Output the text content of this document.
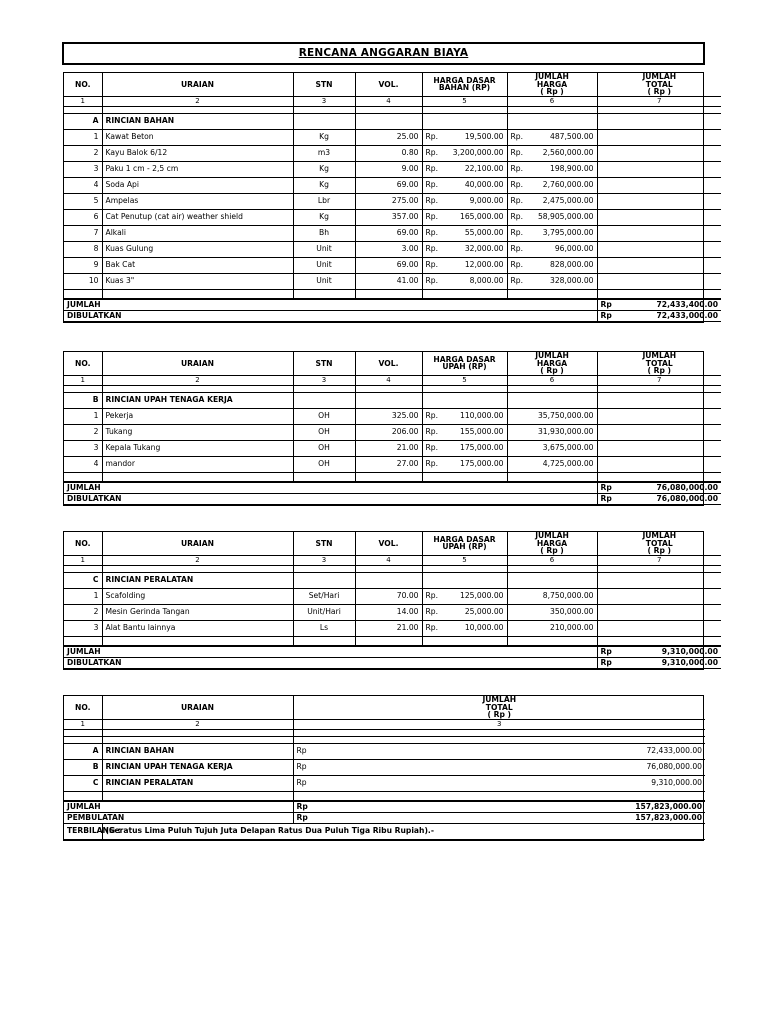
RENCANA ANGGARAN BIAYA
NO.	URAIAN	STN	VOL.	HARGA DASAR
BAHAN (RP)	JUMLAH
HARGA
( Rp )	JUMLAH
TOTAL
( Rp )
1	2	3	4	5	6	7

A	RINCIAN BAHAN					
1	Kawat Beton	Kg	25.00	Rp. 19,500.00	Rp. 487,500.00	

2	Kayu Balok 6/12	m3	0.80	Rp. 3,200,000.00	Rp. 2,560,000.00	

3	Paku 1 cm - 2,5 cm	Kg	9.00	Rp. 22,100.00	Rp. 198,900.00	

4	Soda Api	Kg	69.00	Rp. 40,000.00	Rp. 2,760,000.00	

5	Ampelas	Lbr	275.00	Rp. 9,000.00	Rp. 2,475,000.00	

6	Cat Penutup (cat air) weather shield	Kg	357.00	Rp. 165,000.00	Rp. 58,905,000.00	

7	Alkali	Bh	69.00	Rp. 55,000.00	Rp. 3,795,000.00	

8	Kuas Gulung	Unit	3.00	Rp. 32,000.00	Rp. 96,000.00	

9	Bak Cat	Unit	69.00	Rp. 12,000.00	Rp. 828,000.00	

10	Kuas 3"	Unit	41.00	Rp. 8,000.00	Rp. 328,000.00	

JUMLAH						Rp 72,433,400.00

DIBULATKAN						Rp 72,433,000.00
NO.	URAIAN	STN	VOL.	HARGA DASAR
UPAH (RP)	JUMLAH
HARGA
( Rp )	JUMLAH
TOTAL
( Rp )
1	2	3	4	5	6	7

B	RINCIAN UPAH TENAGA KERJA					
1	Pekerja	OH	325.00	Rp. 110,000.00	35,750,000.00	

2	Tukang	OH	206.00	Rp. 155,000.00	31,930,000.00	

3	Kepala Tukang	OH	21.00	Rp. 175,000.00	3,675,000.00	

4	mandor	OH	27.00	Rp. 175,000.00	4,725,000.00	

JUMLAH						Rp 76,080,000.00

DIBULATKAN						Rp 76,080,000.00
NO.	URAIAN	STN	VOL.	HARGA DASAR
UPAH (RP)	JUMLAH
HARGA
( Rp )	JUMLAH
TOTAL
( Rp )
1	2	3	4	5	6	7

C	RINCIAN PERALATAN					
1	Scafolding	Set/Hari	70.00	Rp. 125,000.00	8,750,000.00	

2	Mesin Gerinda Tangan	Unit/Hari	14.00	Rp. 25,000.00	350,000.00	

3	Alat Bantu lainnya	Ls	21.00	Rp. 10,000.00	210,000.00	

JUMLAH						Rp 9,310,000.00

DIBULATKAN						Rp 9,310,000.00
NO.	URAIAN	JUMLAH
TOTAL
( Rp )	
1	2	3	

A	RINCIAN BAHAN	Rp	72,433,000.00
B	RINCIAN UPAH TENAGA KERJA	Rp	76,080,000.00
C	RINCIAN PERALATAN	Rp	9,310,000.00

JUMLAH		Rp 157,823,000.00	

PEMBULATAN		Rp 157,823,000.00	

TERBILANG :	(Seratus Lima Puluh Tujuh Juta Delapan Ratus Dua Puluh Tiga Ribu Rupiah).-		
